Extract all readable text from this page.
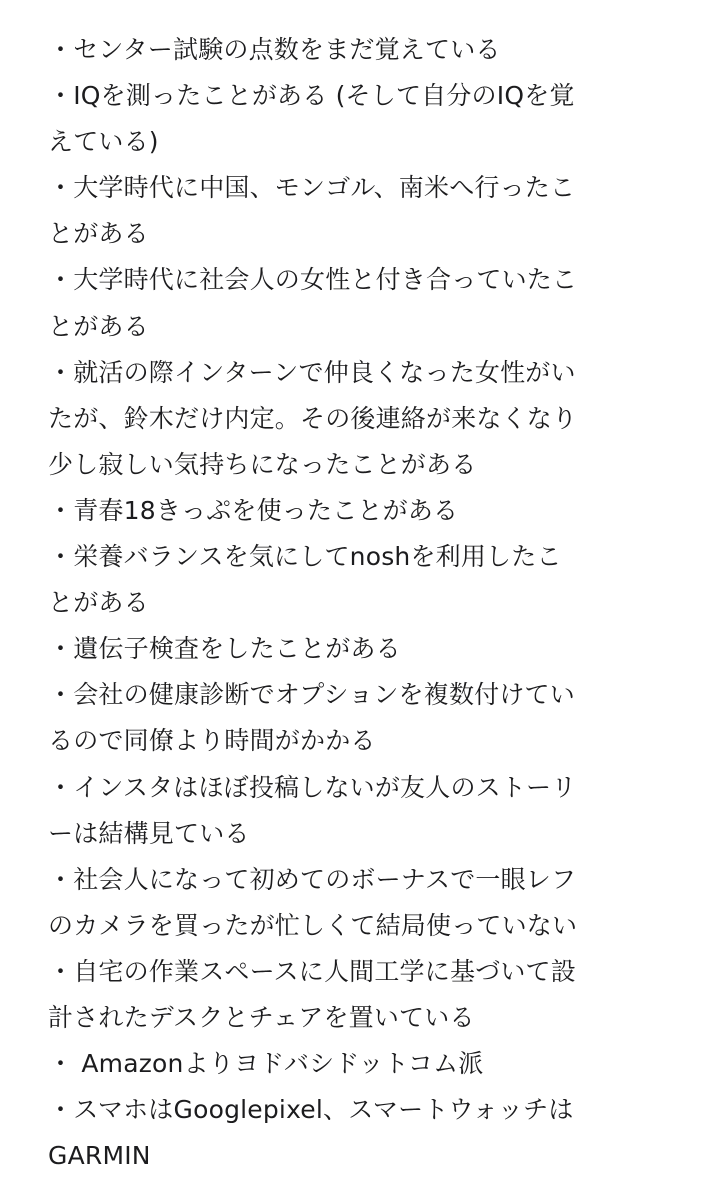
・センター試験の点数をまだ覚えている
・IQを測ったことがある (そして自分のIQを覚
えている)
・大学時代に中国、モンゴル、南米へ行ったこ
とがある
・大学時代に社会人の女性と付き合っていたこ
とがある
・就活の際インターンで仲良くなった女性がい
たが、鈴木だけ内定。その後連絡が来なくなり
少し寂しい気持ちになったことがある
・青春18きっぷを使ったことがある
・栄養バランスを気にしてnoshを利用したこ
とがある
・遺伝子検査をしたことがある
・会社の健康診断でオプションを複数付けてい
るので同僚より時間がかかる
・インスタはほぼ投稿しないが友人のストーリ
ーは結構見ている
・社会人になって初めてのボーナスで一眼レフ
のカメラを買ったが忙しくて結局使っていない
・自宅の作業スペースに人間工学に基づいて設
計されたデスクとチェアを置いている
・ Amazonよりヨドバシドットコム派
・スマホはGooglepixel、スマートウォッチは
GARMIN
